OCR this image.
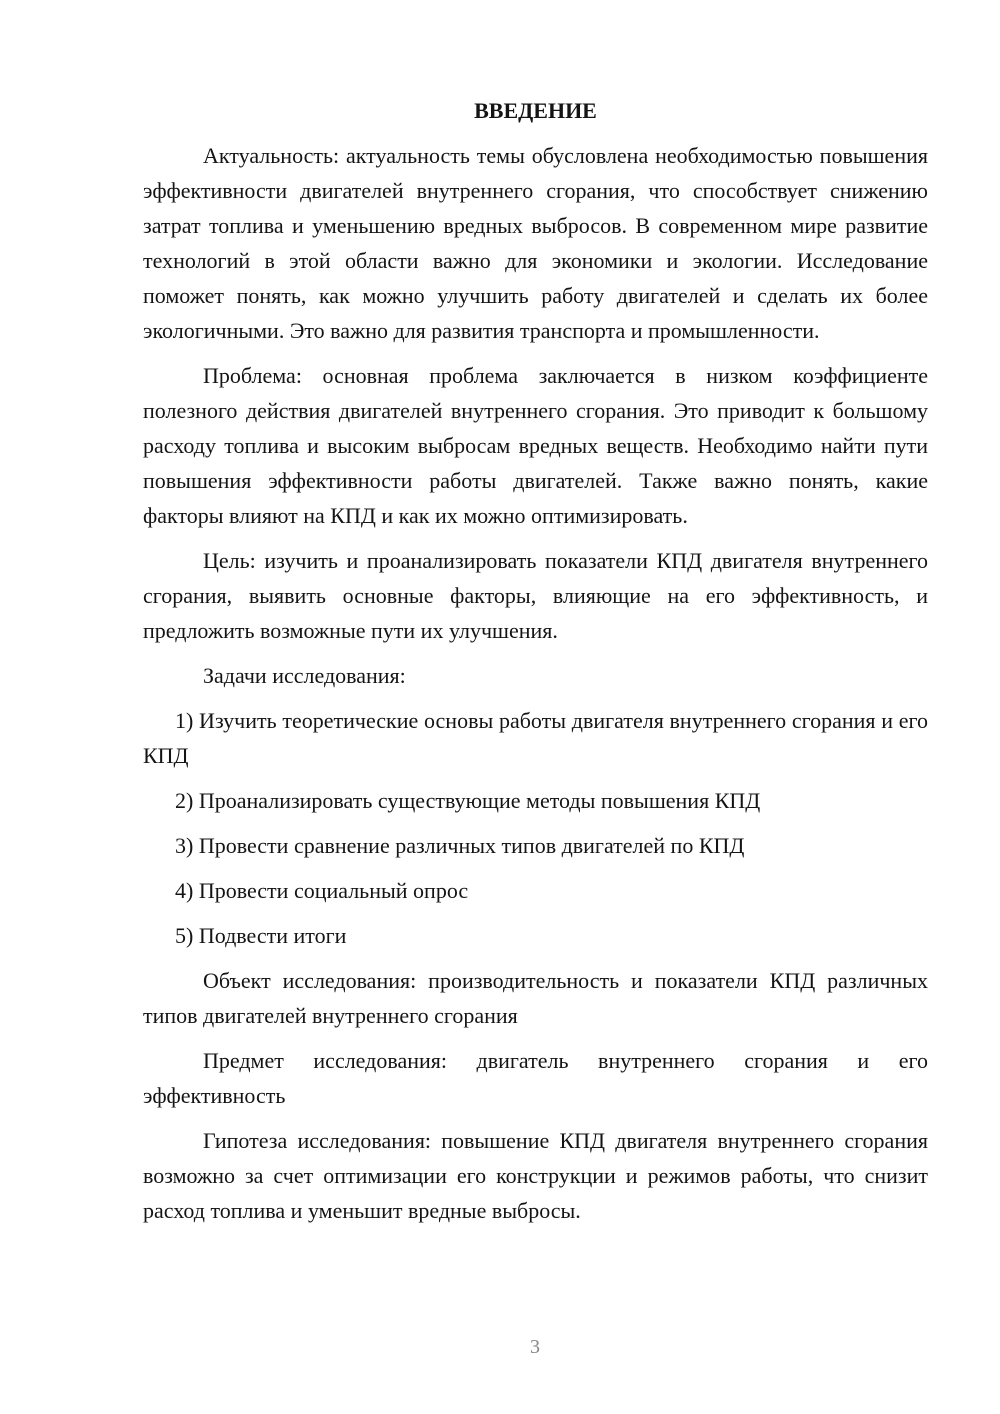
ВВЕДЕНИЕ

Актуальность: актуальность темы обусловлена необходимостью повышения эффективности двигателей внутреннего сгорания, что способствует снижению затрат топлива и уменьшению вредных выбросов. В современном мире развитие технологий в этой области важно для экономики и экологии. Исследование поможет понять, как можно улучшить работу двигателей и сделать их более экологичными. Это важно для развития транспорта и промышленности.

Проблема: основная проблема заключается в низком коэффициенте полезного действия двигателей внутреннего сгорания. Это приводит к большому расходу топлива и высоким выбросам вредных веществ. Необходимо найти пути повышения эффективности работы двигателей. Также важно понять, какие факторы влияют на КПД и как их можно оптимизировать.

Цель: изучить и проанализировать показатели КПД двигателя внутреннего сгорания, выявить основные факторы, влияющие на его эффективность, и предложить возможные пути их улучшения.

Задачи исследования:

1) Изучить теоретические основы работы двигателя внутреннего сгорания и его КПД

2) Проанализировать существующие методы повышения КПД

3) Провести сравнение различных типов двигателей по КПД

4) Провести социальный опрос

5) Подвести итоги

Объект исследования: производительность и показатели КПД различных типов двигателей внутреннего сгорания

Предмет исследования: двигатель внутреннего сгорания и его эффективность

Гипотеза исследования: повышение КПД двигателя внутреннего сгорания возможно за счет оптимизации его конструкции и режимов работы, что снизит расход топлива и уменьшит вредные выбросы.

3
